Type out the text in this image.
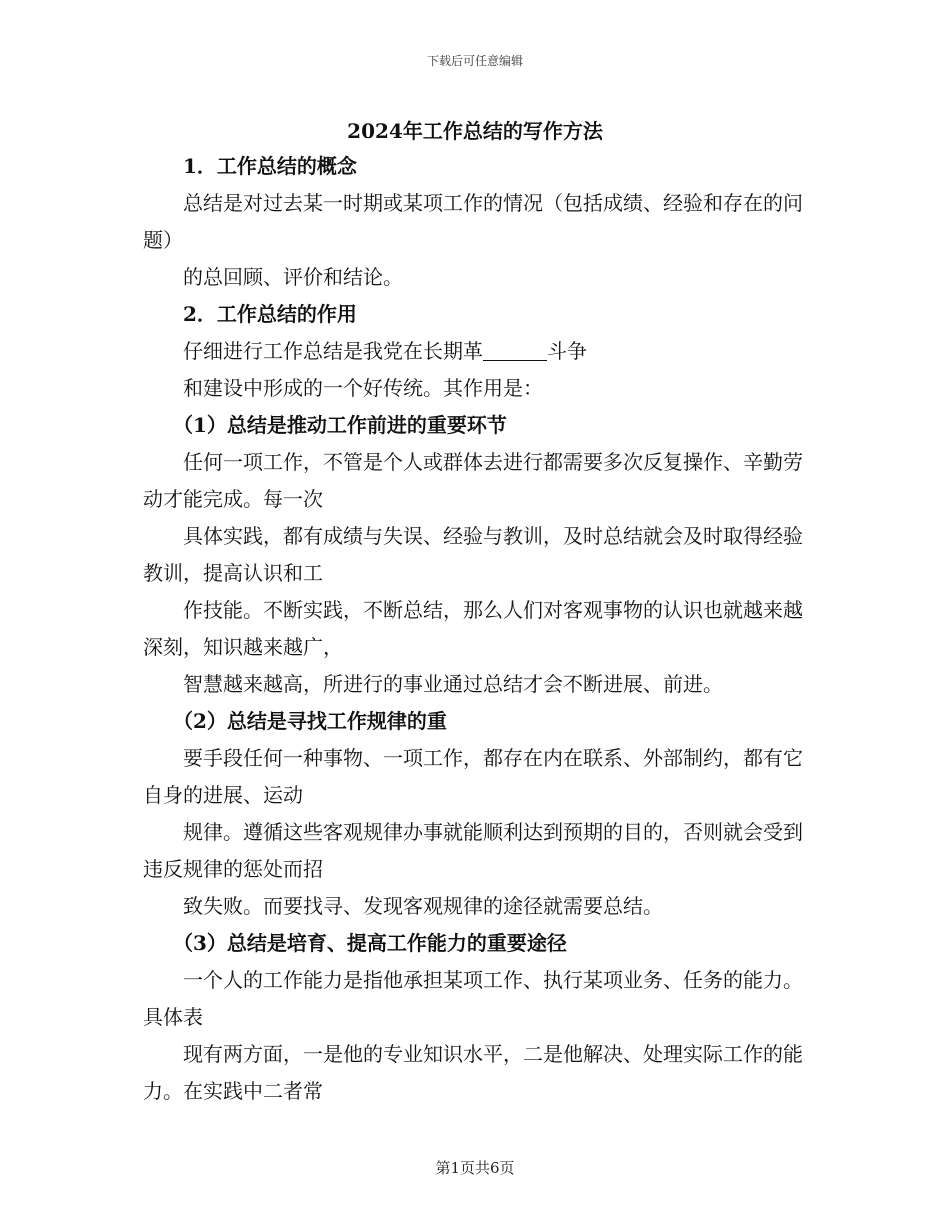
下载后可任意编辑
2024年工作总结的写作方法

1．工作总结的概念

总结是对过去某一时期或某项工作的情况（包括成绩、经验和存在的问题）

的总回顾、评价和结论。

2．工作总结的作用

仔细进行工作总结是我党在长期革	斗争

和建设中形成的一个好传统。其作用是：

（1）总结是推动工作前进的重要环节

任何一项工作，不管是个人或群体去进行都需要多次反复操作、辛勤劳动才能完成。每一次

具体实践，都有成绩与失误、经验与教训，及时总结就会及时取得经验教训，提高认识和工

作技能。不断实践，不断总结，那么人们对客观事物的认识也就越来越深刻，知识越来越广，

智慧越来越高，所进行的事业通过总结才会不断进展、前进。

（2）总结是寻找工作规律的重

要手段任何一种事物、一项工作，都存在内在联系、外部制约，都有它自身的进展、运动

规律。遵循这些客观规律办事就能顺利达到预期的目的，否则就会受到违反规律的惩处而招

致失败。而要找寻、发现客观规律的途径就需要总结。

（3）总结是培育、提高工作能力的重要途径

一个人的工作能力是指他承担某项工作、执行某项业务、任务的能力。具体表

现有两方面，一是他的专业知识水平，二是他解决、处理实际工作的能力。在实践中二者常

第1页共6页
